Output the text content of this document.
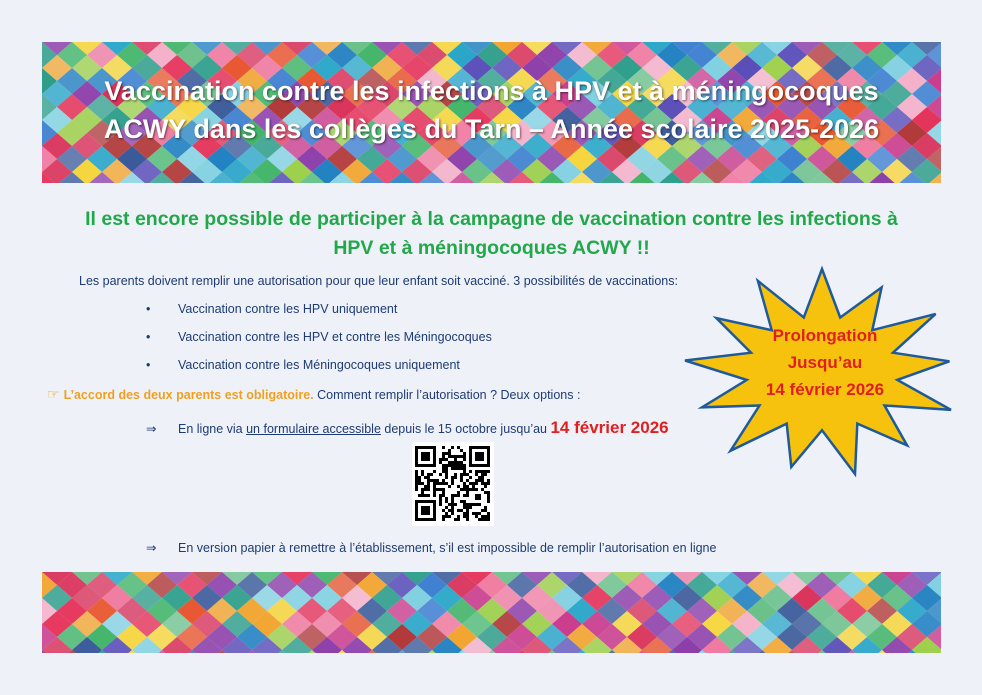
Vaccination contre les infections à HPV et à méningocoques
ACWY dans les collèges du Tarn – Année scolaire 2025-2026
Il est encore possible de participer à la campagne de vaccination contre les infections à
HPV et à méningocoques ACWY !!
Les parents doivent remplir une autorisation pour que leur enfant soit vacciné. 3 possibilités de vaccinations:
• Vaccination contre les HPV uniquement
• Vaccination contre les HPV et contre les Méningocoques
• Vaccination contre les Méningocoques uniquement
☞ L’accord des deux parents est obligatoire. Comment remplir l’autorisation ? Deux options :
⇒ En ligne via un formulaire accessible depuis le 15 octobre jusqu’au 14 février 2026
⇒ En version papier à remettre à l’établissement, s’il est impossible de remplir l’autorisation en ligne
Prolongation
Jusqu’au
14 février 2026
